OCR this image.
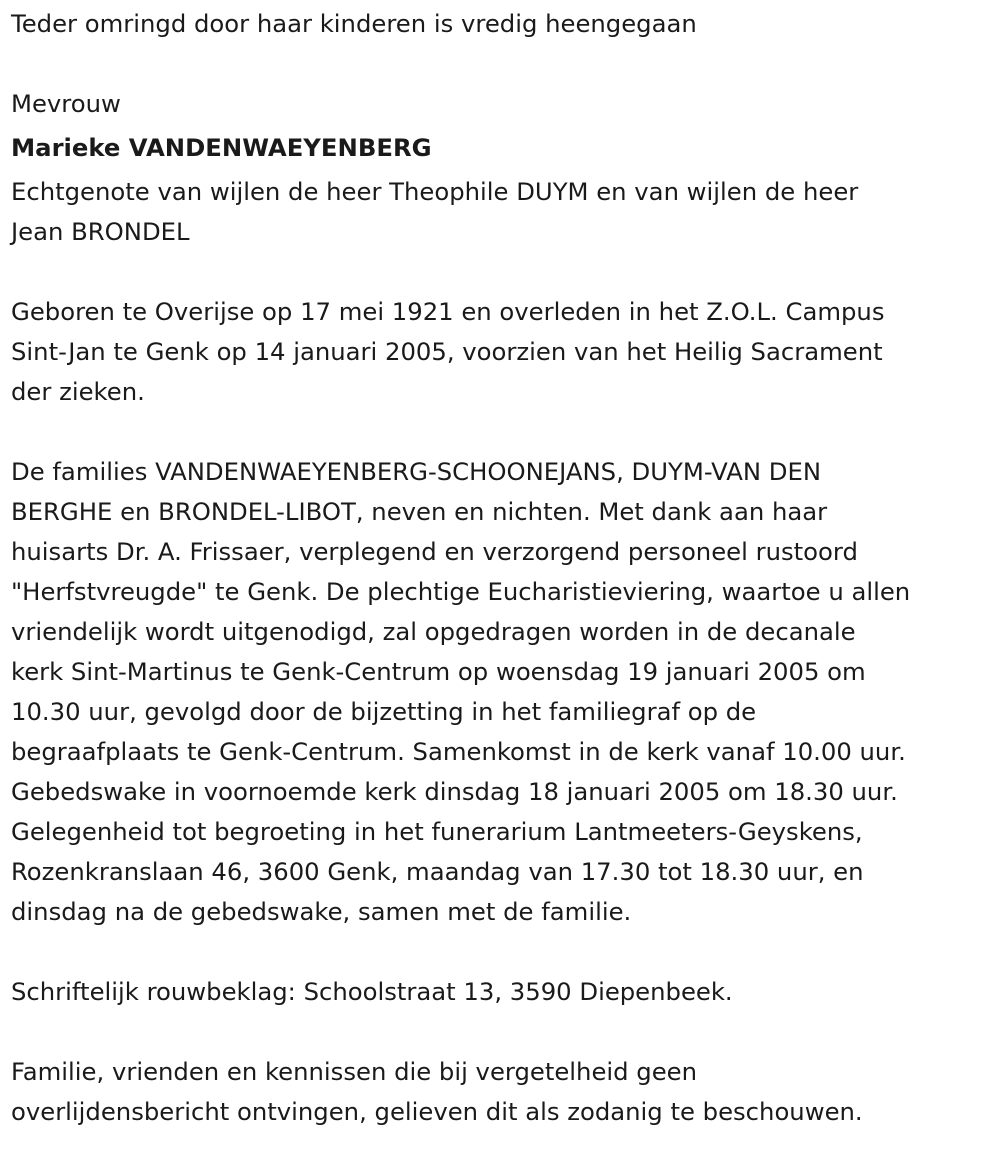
Teder omringd door haar kinderen is vredig heengegaan

Mevrouw

Marieke VANDENWAEYENBERG

Echtgenote van wijlen de heer Theophile DUYM en van wijlen de heer

Jean BRONDEL

Geboren te Overijse op 17 mei 1921 en overleden in het Z.O.L. Campus

Sint-Jan te Genk op 14 januari 2005, voorzien van het Heilig Sacrament

der zieken.

De families VANDENWAEYENBERG-SCHOONEJANS, DUYM-VAN DEN

BERGHE en BRONDEL-LIBOT, neven en nichten. Met dank aan haar

huisarts Dr. A. Frissaer, verplegend en verzorgend personeel rustoord

"Herfstvreugde" te Genk. De plechtige Eucharistieviering, waartoe u allen

vriendelijk wordt uitgenodigd, zal opgedragen worden in de decanale

kerk Sint-Martinus te Genk-Centrum op woensdag 19 januari 2005 om

10.30 uur, gevolgd door de bijzetting in het familiegraf op de

begraafplaats te Genk-Centrum. Samenkomst in de kerk vanaf 10.00 uur.

Gebedswake in voornoemde kerk dinsdag 18 januari 2005 om 18.30 uur.

Gelegenheid tot begroeting in het funerarium Lantmeeters-Geyskens,

Rozenkranslaan 46, 3600 Genk, maandag van 17.30 tot 18.30 uur, en

dinsdag na de gebedswake, samen met de familie.

Schriftelijk rouwbeklag: Schoolstraat 13, 3590 Diepenbeek.

Familie, vrienden en kennissen die bij vergetelheid geen

overlijdensbericht ontvingen, gelieven dit als zodanig te beschouwen.
